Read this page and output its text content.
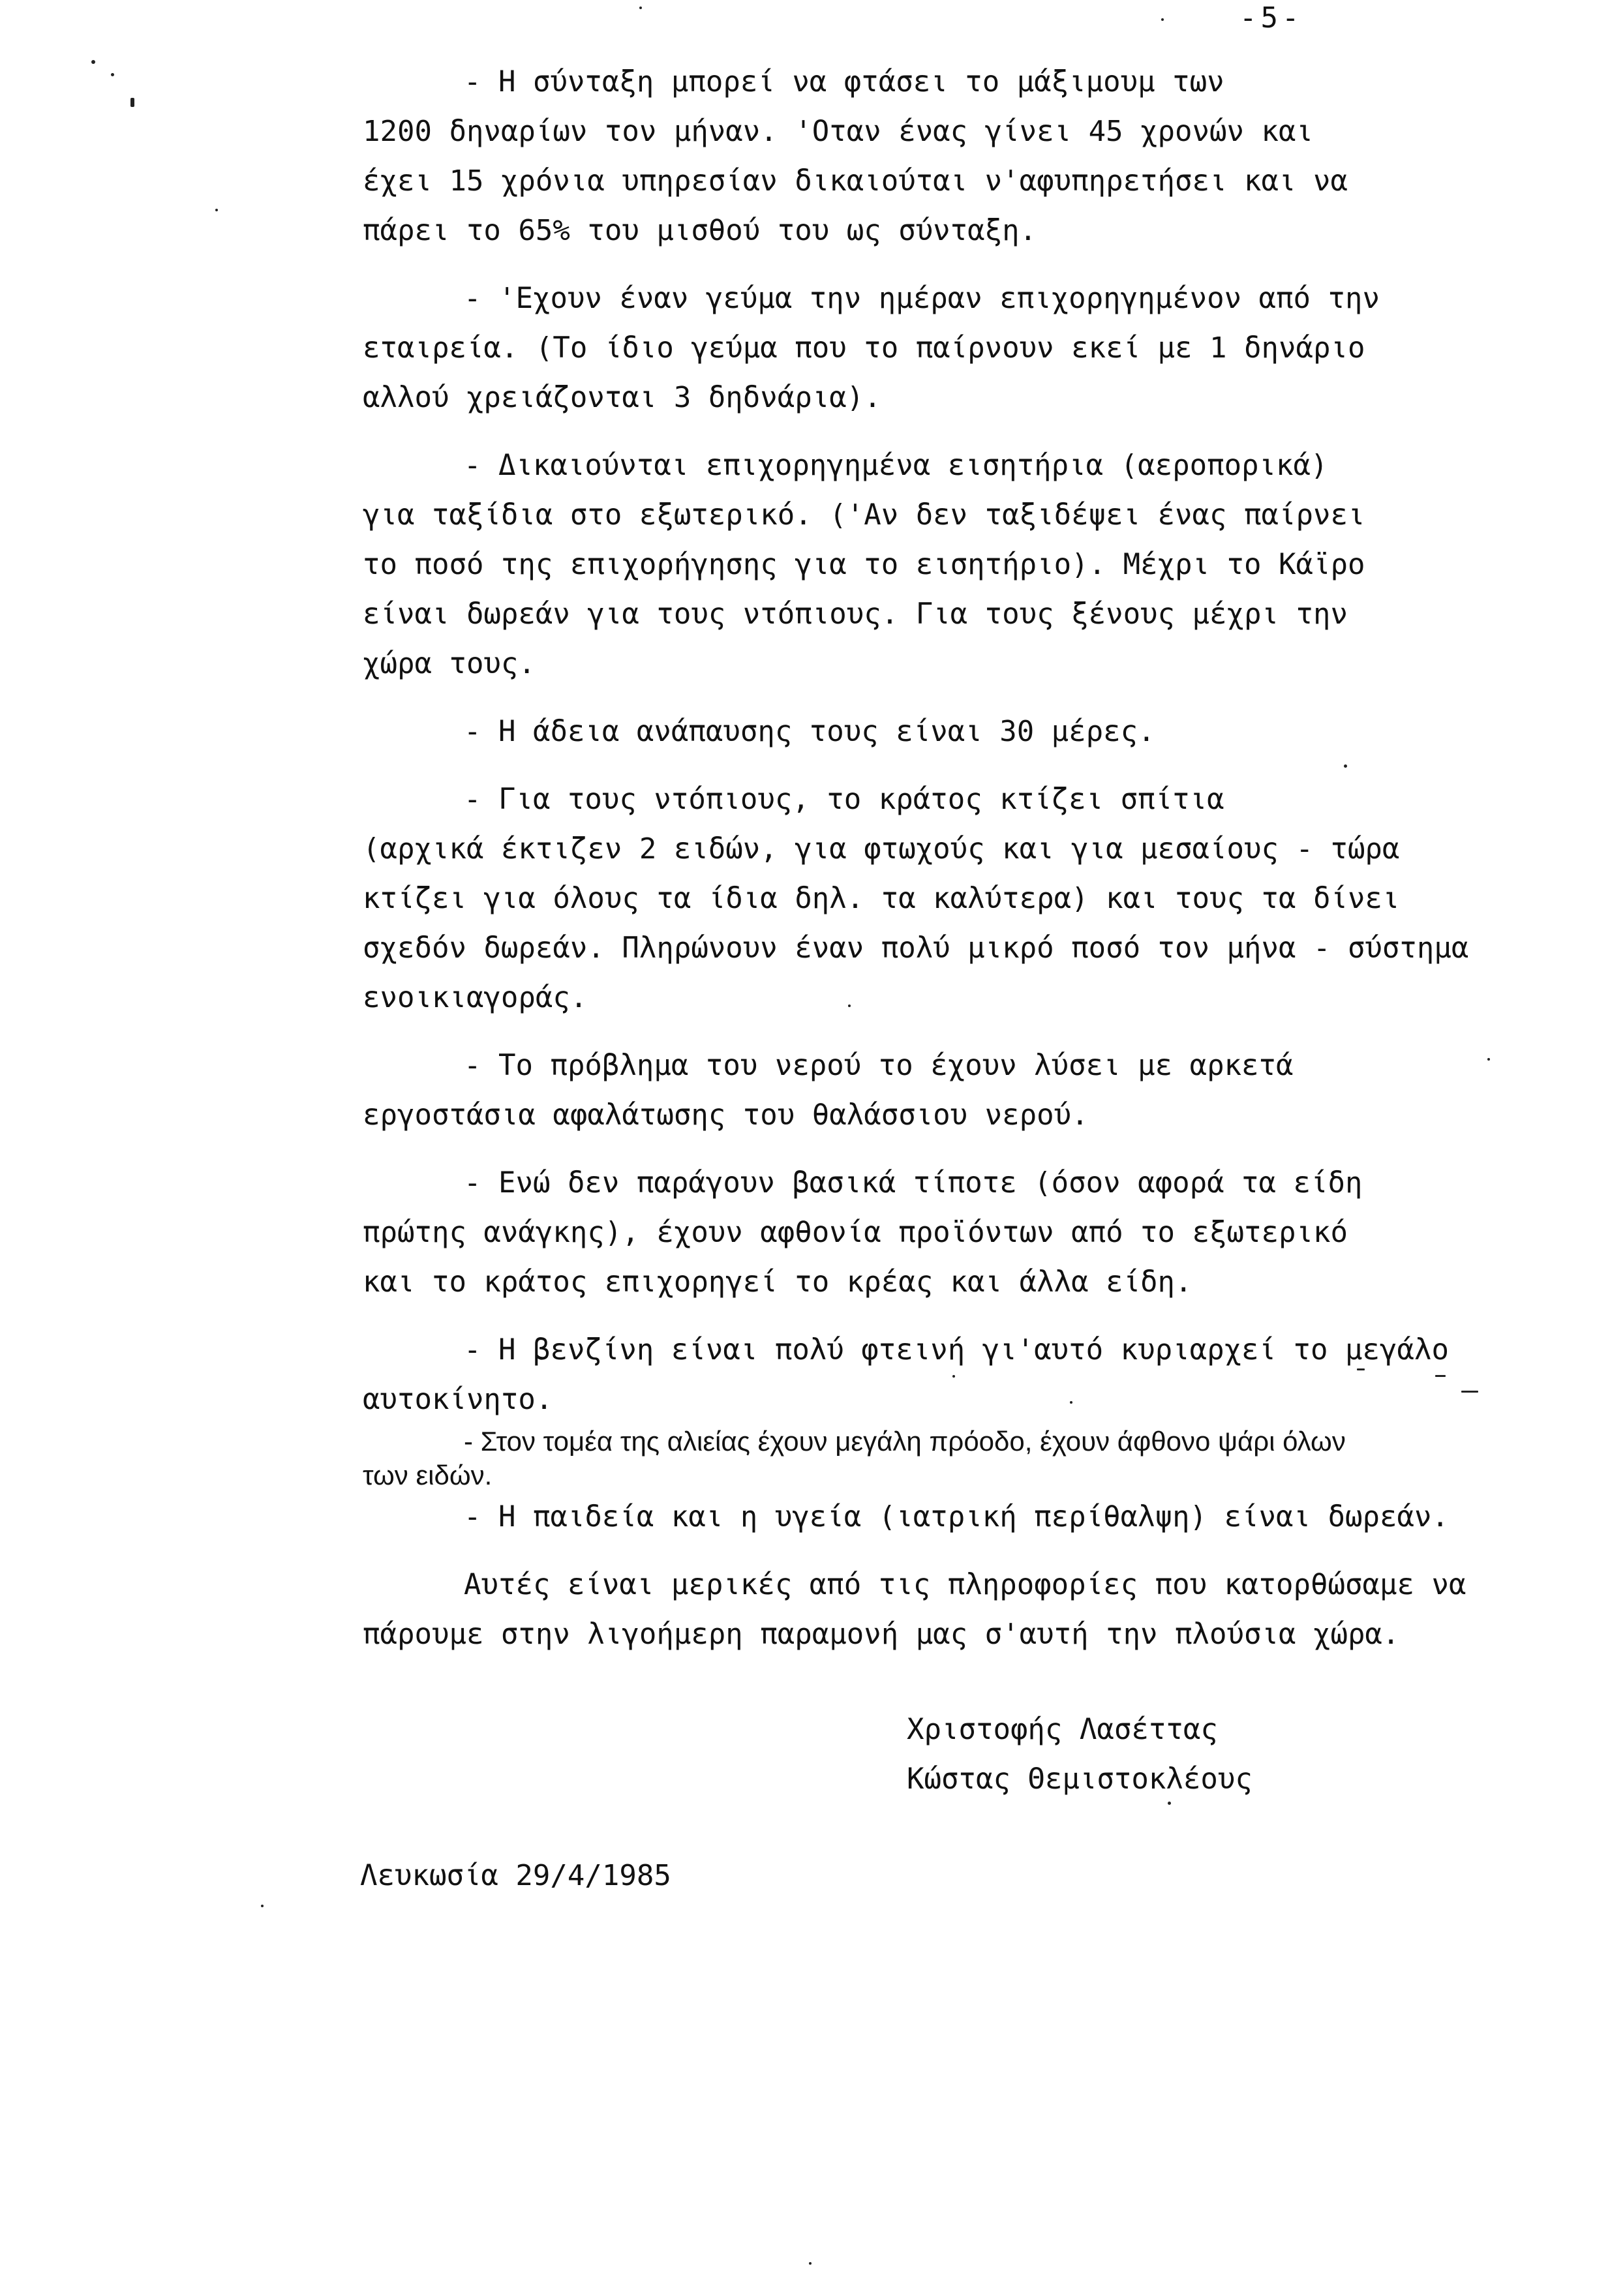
-5-
- Η σύνταξη μπορεί να φτάσει το μάξιμουμ των
1200 δηναρίων τον μήναν. 'Οταν ένας γίνει 45 χρονών και
έχει 15 χρόνια υπηρεσίαν δικαιούται ν'αφυπηρετήσει και να
πάρει το 65% του μισθού του ως σύνταξη.
- 'Εχουν έναν γεύμα την ημέραν επιχορηγημένον από την
εταιρεία. (Το ίδιο γεύμα που το παίρνουν εκεί με 1 δηνάριο
αλλού χρειάζονται 3 δηδνάρια).
- Δικαιούνται επιχορηγημένα εισητήρια (αεροπορικά)
για ταξίδια στο εξωτερικό. ('Αν δεν ταξιδέψει ένας παίρνει
το ποσό της επιχορήγησης για το εισητήριο). Μέχρι το Κάϊρο
είναι δωρεάν για τους ντόπιους. Για τους ξένους μέχρι την
χώρα τους.
- Η άδεια ανάπαυσης τους είναι 30 μέρες.
- Για τους ντόπιους, το κράτος κτίζει σπίτια
(αρχικά έκτιζεν 2 ειδών, για φτωχούς και για μεσαίους - τώρα
κτίζει για όλους τα ίδια δηλ. τα καλύτερα) και τους τα δίνει
σχεδόν δωρεάν. Πληρώνουν έναν πολύ μικρό ποσό τον μήνα - σύστημα
ενοικιαγοράς.
- Το πρόβλημα του νερού το έχουν λύσει με αρκετά
εργοστάσια αφαλάτωσης του θαλάσσιου νερού.
- Ενώ δεν παράγουν βασικά τίποτε (όσον αφορά τα είδη
πρώτης ανάγκης), έχουν αφθονία προϊόντων από το εξωτερικό
και το κράτος επιχορηγεί το κρέας και άλλα είδη.
- Η βενζίνη είναι πολύ φτεινή γι'αυτό κυριαρχεί το μεγάλο
αυτοκίνητο.
- Στον τομέα της αλιείας έχουν μεγάλη πρόοδο, έχουν άφθονο ψάρι όλων
των ειδών.
- Η παιδεία και η υγεία (ιατρική περίθαλψη) είναι δωρεάν.
Αυτές είναι μερικές από τις πληροφορίες που κατορθώσαμε να
πάρουμε στην λιγοήμερη παραμονή μας σ'αυτή την πλούσια χώρα.
Χριστοφής Λασέττας
Κώστας Θεμιστοκλέους
Λευκωσία 29/4/1985
